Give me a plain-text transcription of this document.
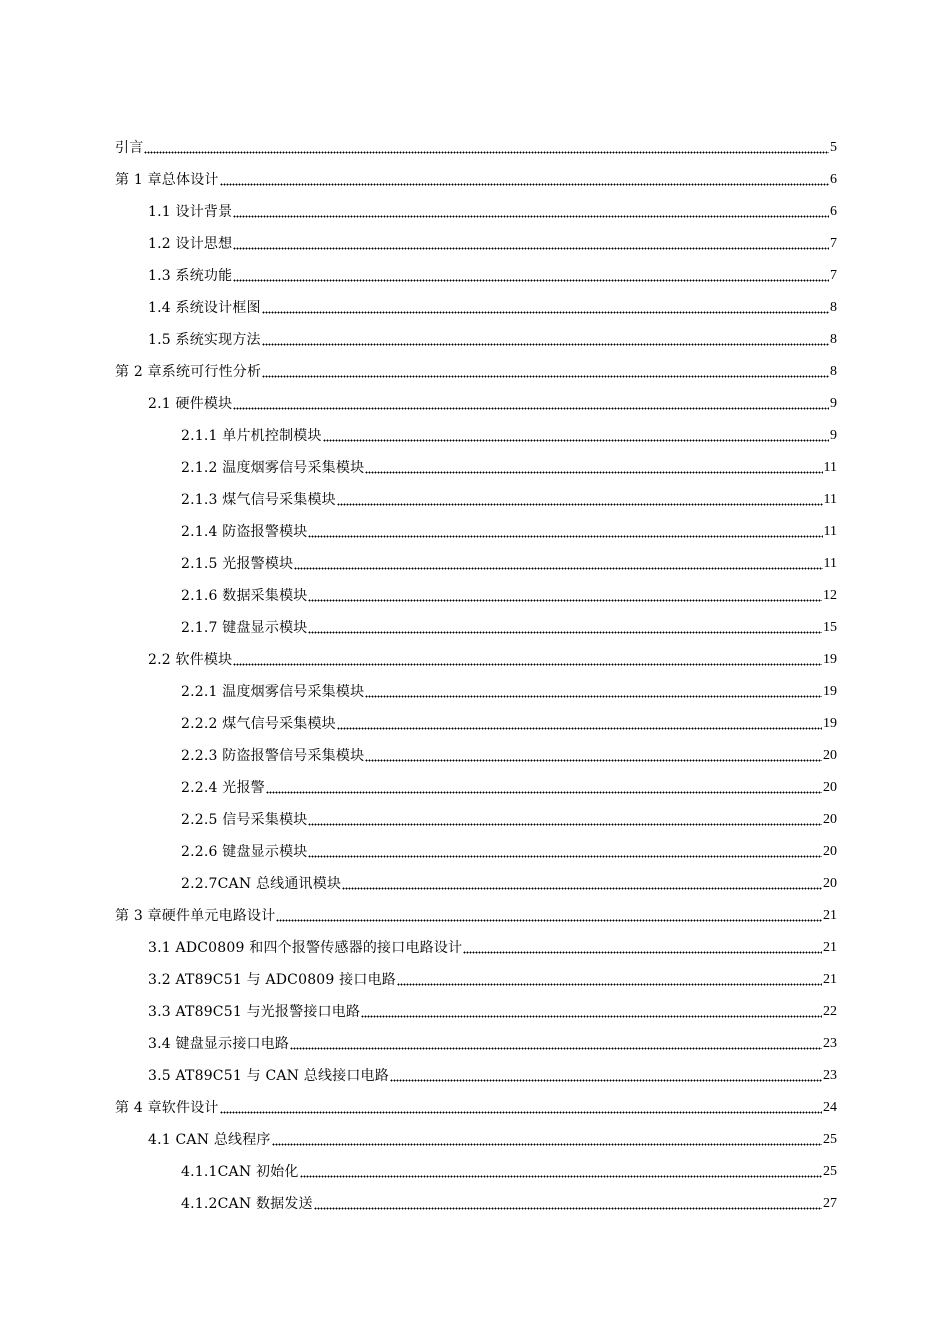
引言	5
第 1 章总体设计	6
1.1 设计背景	6
1.2 设计思想	7
1.3 系统功能	7
1.4 系统设计框图	8
1.5 系统实现方法	8
第 2 章系统可行性分析	8
2.1 硬件模块	9
2.1.1 单片机控制模块	9
2.1.2 温度烟雾信号采集模块	11
2.1.3 煤气信号采集模块	11
2.1.4 防盗报警模块	11
2.1.5 光报警模块	11
2.1.6 数据采集模块	12
2.1.7 键盘显示模块	15
2.2 软件模块	19
2.2.1 温度烟雾信号采集模块	19
2.2.2 煤气信号采集模块	19
2.2.3 防盗报警信号采集模块	20
2.2.4 光报警	20
2.2.5 信号采集模块	20
2.2.6 键盘显示模块	20
2.2.7CAN 总线通讯模块	20
第 3 章硬件单元电路设计	21
3.1 ADC0809 和四个报警传感器的接口电路设计	21
3.2 AT89C51 与 ADC0809 接口电路	21
3.3 AT89C51 与光报警接口电路	22
3.4 键盘显示接口电路	23
3.5 AT89C51 与 CAN 总线接口电路	23
第 4 章软件设计	24
4.1 CAN 总线程序	25
4.1.1CAN 初始化	25
4.1.2CAN 数据发送	27
